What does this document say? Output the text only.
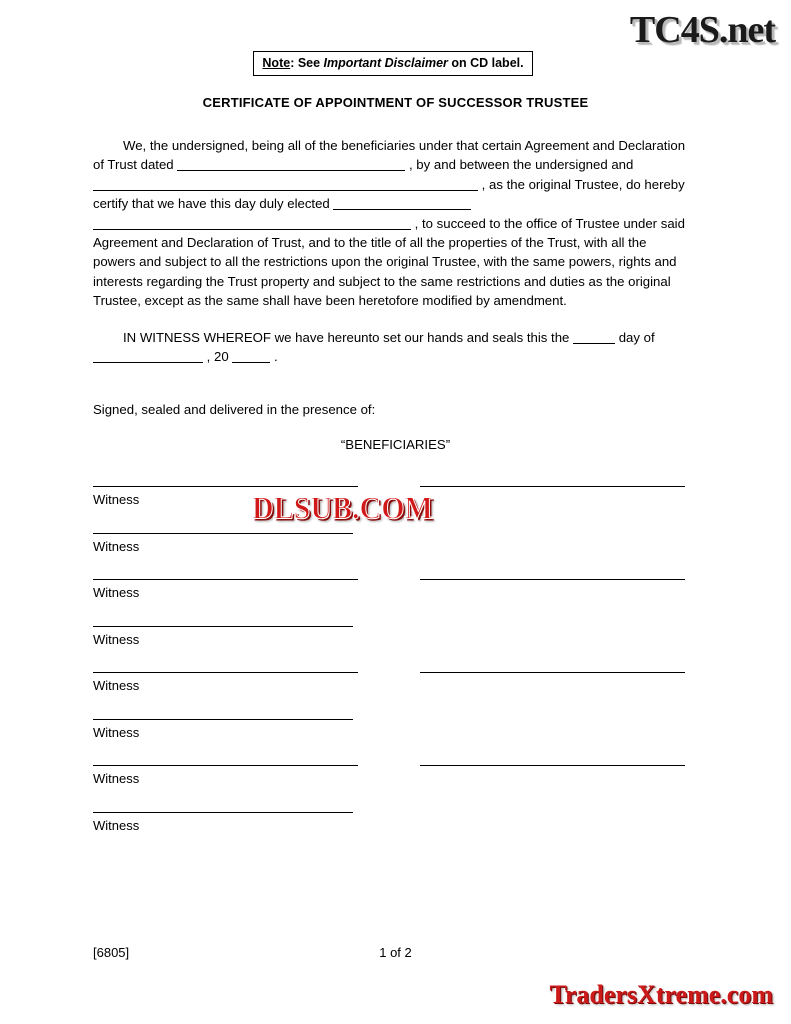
TC4S.net
Note: See Important Disclaimer on CD label.
CERTIFICATE OF APPOINTMENT OF SUCCESSOR TRUSTEE

We, the undersigned, being all of the beneficiaries under that certain Agreement and Declaration of Trust dated	, by and between the undersigned and  , as the original Trustee, do hereby certify that we have this day duly elected  , to succeed to the office of Trustee under said Agreement and Declaration of Trust, and to the title of all the properties of the Trust, with all the powers and subject to all the restrictions upon the original Trustee, with the same powers, rights and interests regarding the Trust property and subject to the same restrictions and duties as the original Trustee, except as the same shall have been heretofore modified by amendment.

IN WITNESS WHEREOF we have hereunto set our hands and seals this the	day of  , 20	.

Signed, sealed and delivered in the presence of:
“BENEFICIARIES”
Witness
Witness
Witness
Witness
Witness
Witness
Witness
Witness
DLSUB.COM
[6805]	1 of 2
TradersXtreme.com
